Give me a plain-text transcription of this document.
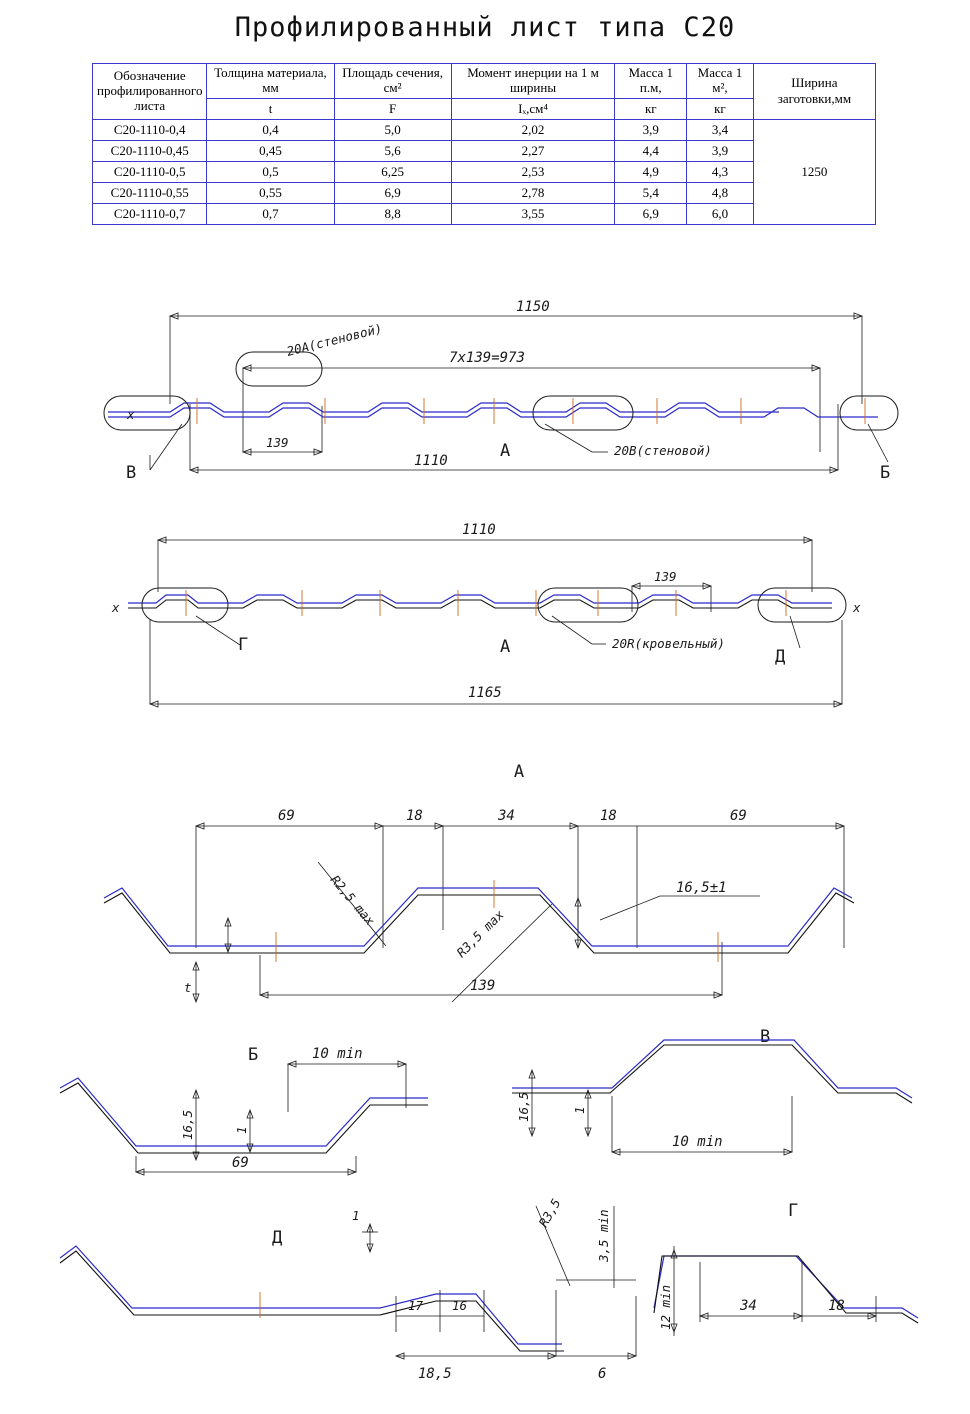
Профилированный лист типа С20
Обозначение профилированного листа	Толщина материала, мм	Площадь сечения, см²	Момент инерции на 1 м ширины	Масса 1 п.м,	Масса 1 м²,	Ширина заготовки,мм
	t	F	Iₓ,см⁴	кг	кг	
С20-1110-0,4	0,4	5,0	2,02	3,9	3,4	1250
С20-1110-0,45	0,45	5,6	2,27	4,4	3,9	
С20-1110-0,5	0,5	6,25	2,53	4,9	4,3	
С20-1110-0,55	0,55	6,9	2,78	5,4	4,8	
С20-1110-0,7	0,7	8,8	3,55	6,9	6,0	
1150
7x139=973
139
1110
20А(стеновой)
20В(стеновой)
А
В	Б
x
1110
1165
139
20R(кровельный)
А
Г
Д
x	x
А
69	18	34	18	69
R2,5 max
R3,5 max
16,5±1
139
t
Б	10 min
16,5	1
69
В
16,5	1
10 min
Д
1
17 16
18,5	6
R3,5	3,5 min	Г
12 min	34	18
